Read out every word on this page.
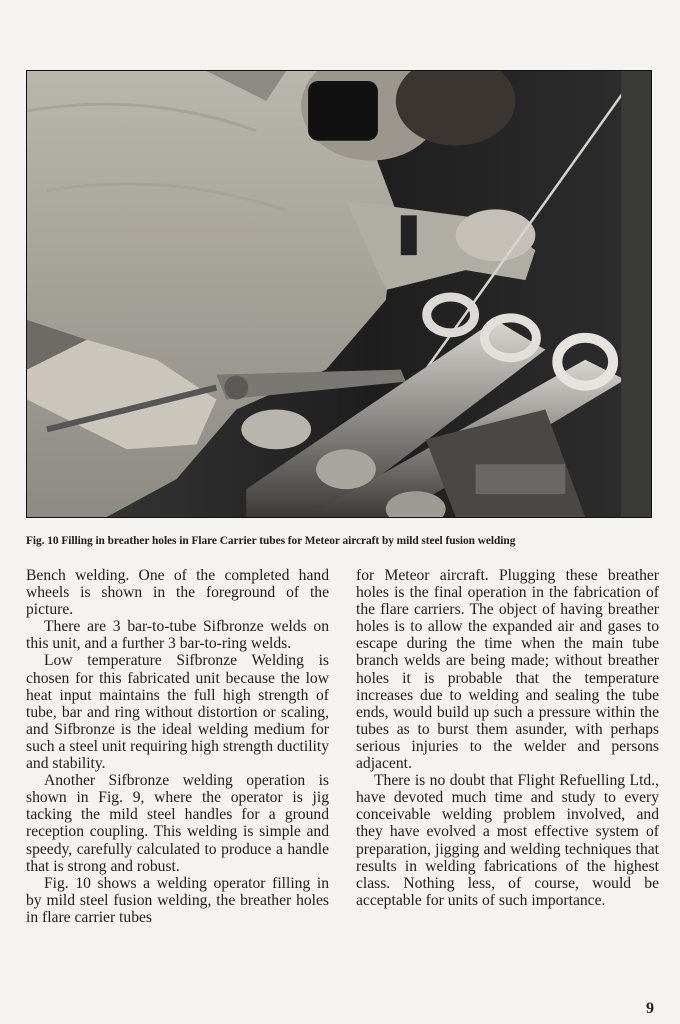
Fig. 10 Filling in breather holes in Flare Carrier tubes for Meteor aircraft by mild steel fusion welding

Bench welding. One of the completed hand wheels is shown in the foreground of the picture.

There are 3 bar-to-tube Sifbronze welds on this unit, and a further 3 bar-to-ring welds.

Low temperature Sifbronze Welding is chosen for this fabricated unit because the low heat input maintains the full high strength of tube, bar and ring without distortion or scaling, and Sifbronze is the ideal welding medium for such a steel unit requiring high strength ductility and stability.

Another Sifbronze welding operation is shown in Fig. 9, where the operator is jig tacking the mild steel handles for a ground reception coupling. This welding is simple and speedy, carefully calculated to produce a handle that is strong and robust.

Fig. 10 shows a welding operator filling in by mild steel fusion welding, the breather holes in flare carrier tubes

for Meteor aircraft. Plugging these breather holes is the final operation in the fabrication of the flare carriers. The object of having breather holes is to allow the expanded air and gases to escape during the time when the main tube branch welds are being made; without breather holes it is probable that the temperature increases due to welding and sealing the tube ends, would build up such a pressure within the tubes as to burst them asunder, with perhaps serious injuries to the welder and persons adjacent.

There is no doubt that Flight Refuelling Ltd., have devoted much time and study to every conceivable welding problem involved, and they have evolved a most effective system of preparation, jigging and welding techniques that results in welding fabrications of the highest class. Nothing less, of course, would be acceptable for units of such importance.

9
